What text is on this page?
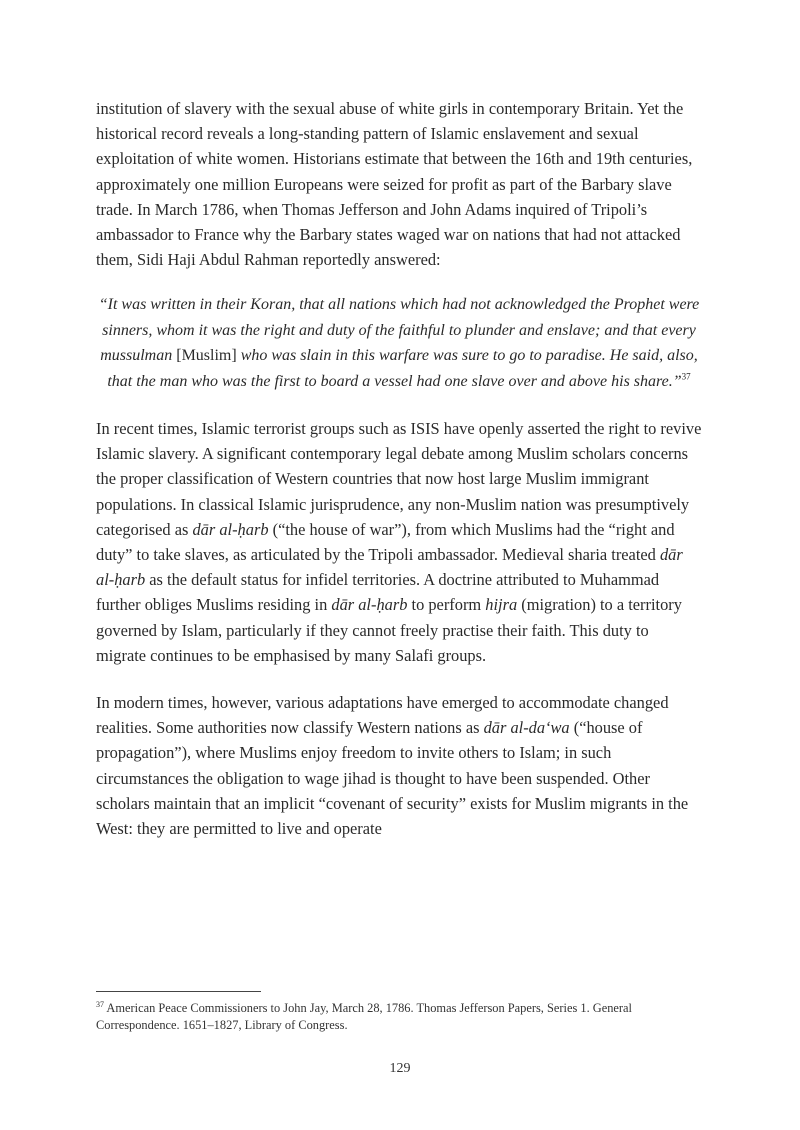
institution of slavery with the sexual abuse of white girls in contemporary Britain. Yet the historical record reveals a long-standing pattern of Islamic enslavement and sexual exploitation of white women. Historians estimate that between the 16th and 19th centuries, approximately one million Europeans were seized for profit as part of the Barbary slave trade. In March 1786, when Thomas Jefferson and John Adams inquired of Tripoli’s ambassador to France why the Barbary states waged war on nations that had not attacked them, Sidi Haji Abdul Rahman reportedly answered:

“It was written in their Koran, that all nations which had not acknowledged the Prophet were sinners, whom it was the right and duty of the faithful to plunder and enslave; and that every mussulman [Muslim] who was slain in this warfare was sure to go to paradise. He said, also, that the man who was the first to board a vessel had one slave over and above his share.”$^{37}$

In recent times, Islamic terrorist groups such as ISIS have openly asserted the right to revive Islamic slavery. A significant contemporary legal debate among Muslim scholars concerns the proper classification of Western countries that now host large Muslim immigrant populations. In classical Islamic jurisprudence, any non-Muslim nation was presumptively categorised as dār al-ḥarb (“the house of war”), from which Muslims had the “right and duty” to take slaves, as articulated by the Tripoli ambassador. Medieval sharia treated dār al-ḥarb as the default status for infidel territories. A doctrine attributed to Muhammad further obliges Muslims residing in dār al-ḥarb to perform hijra (migration) to a territory governed by Islam, particularly if they cannot freely practise their faith. This duty to migrate continues to be emphasised by many Salafi groups.

In modern times, however, various adaptations have emerged to accommodate changed realities. Some authorities now classify Western nations as dār al-da‘wa (“house of propagation”), where Muslims enjoy freedom to invite others to Islam; in such circumstances the obligation to wage jihad is thought to have been suspended. Other scholars maintain that an implicit “covenant of security” exists for Muslim migrants in the West: they are permitted to live and operate

$^{37}$ American Peace Commissioners to John Jay, March 28, 1786. Thomas Jefferson Papers, Series 1. General Correspondence. 1651–1827, Library of Congress.

129
